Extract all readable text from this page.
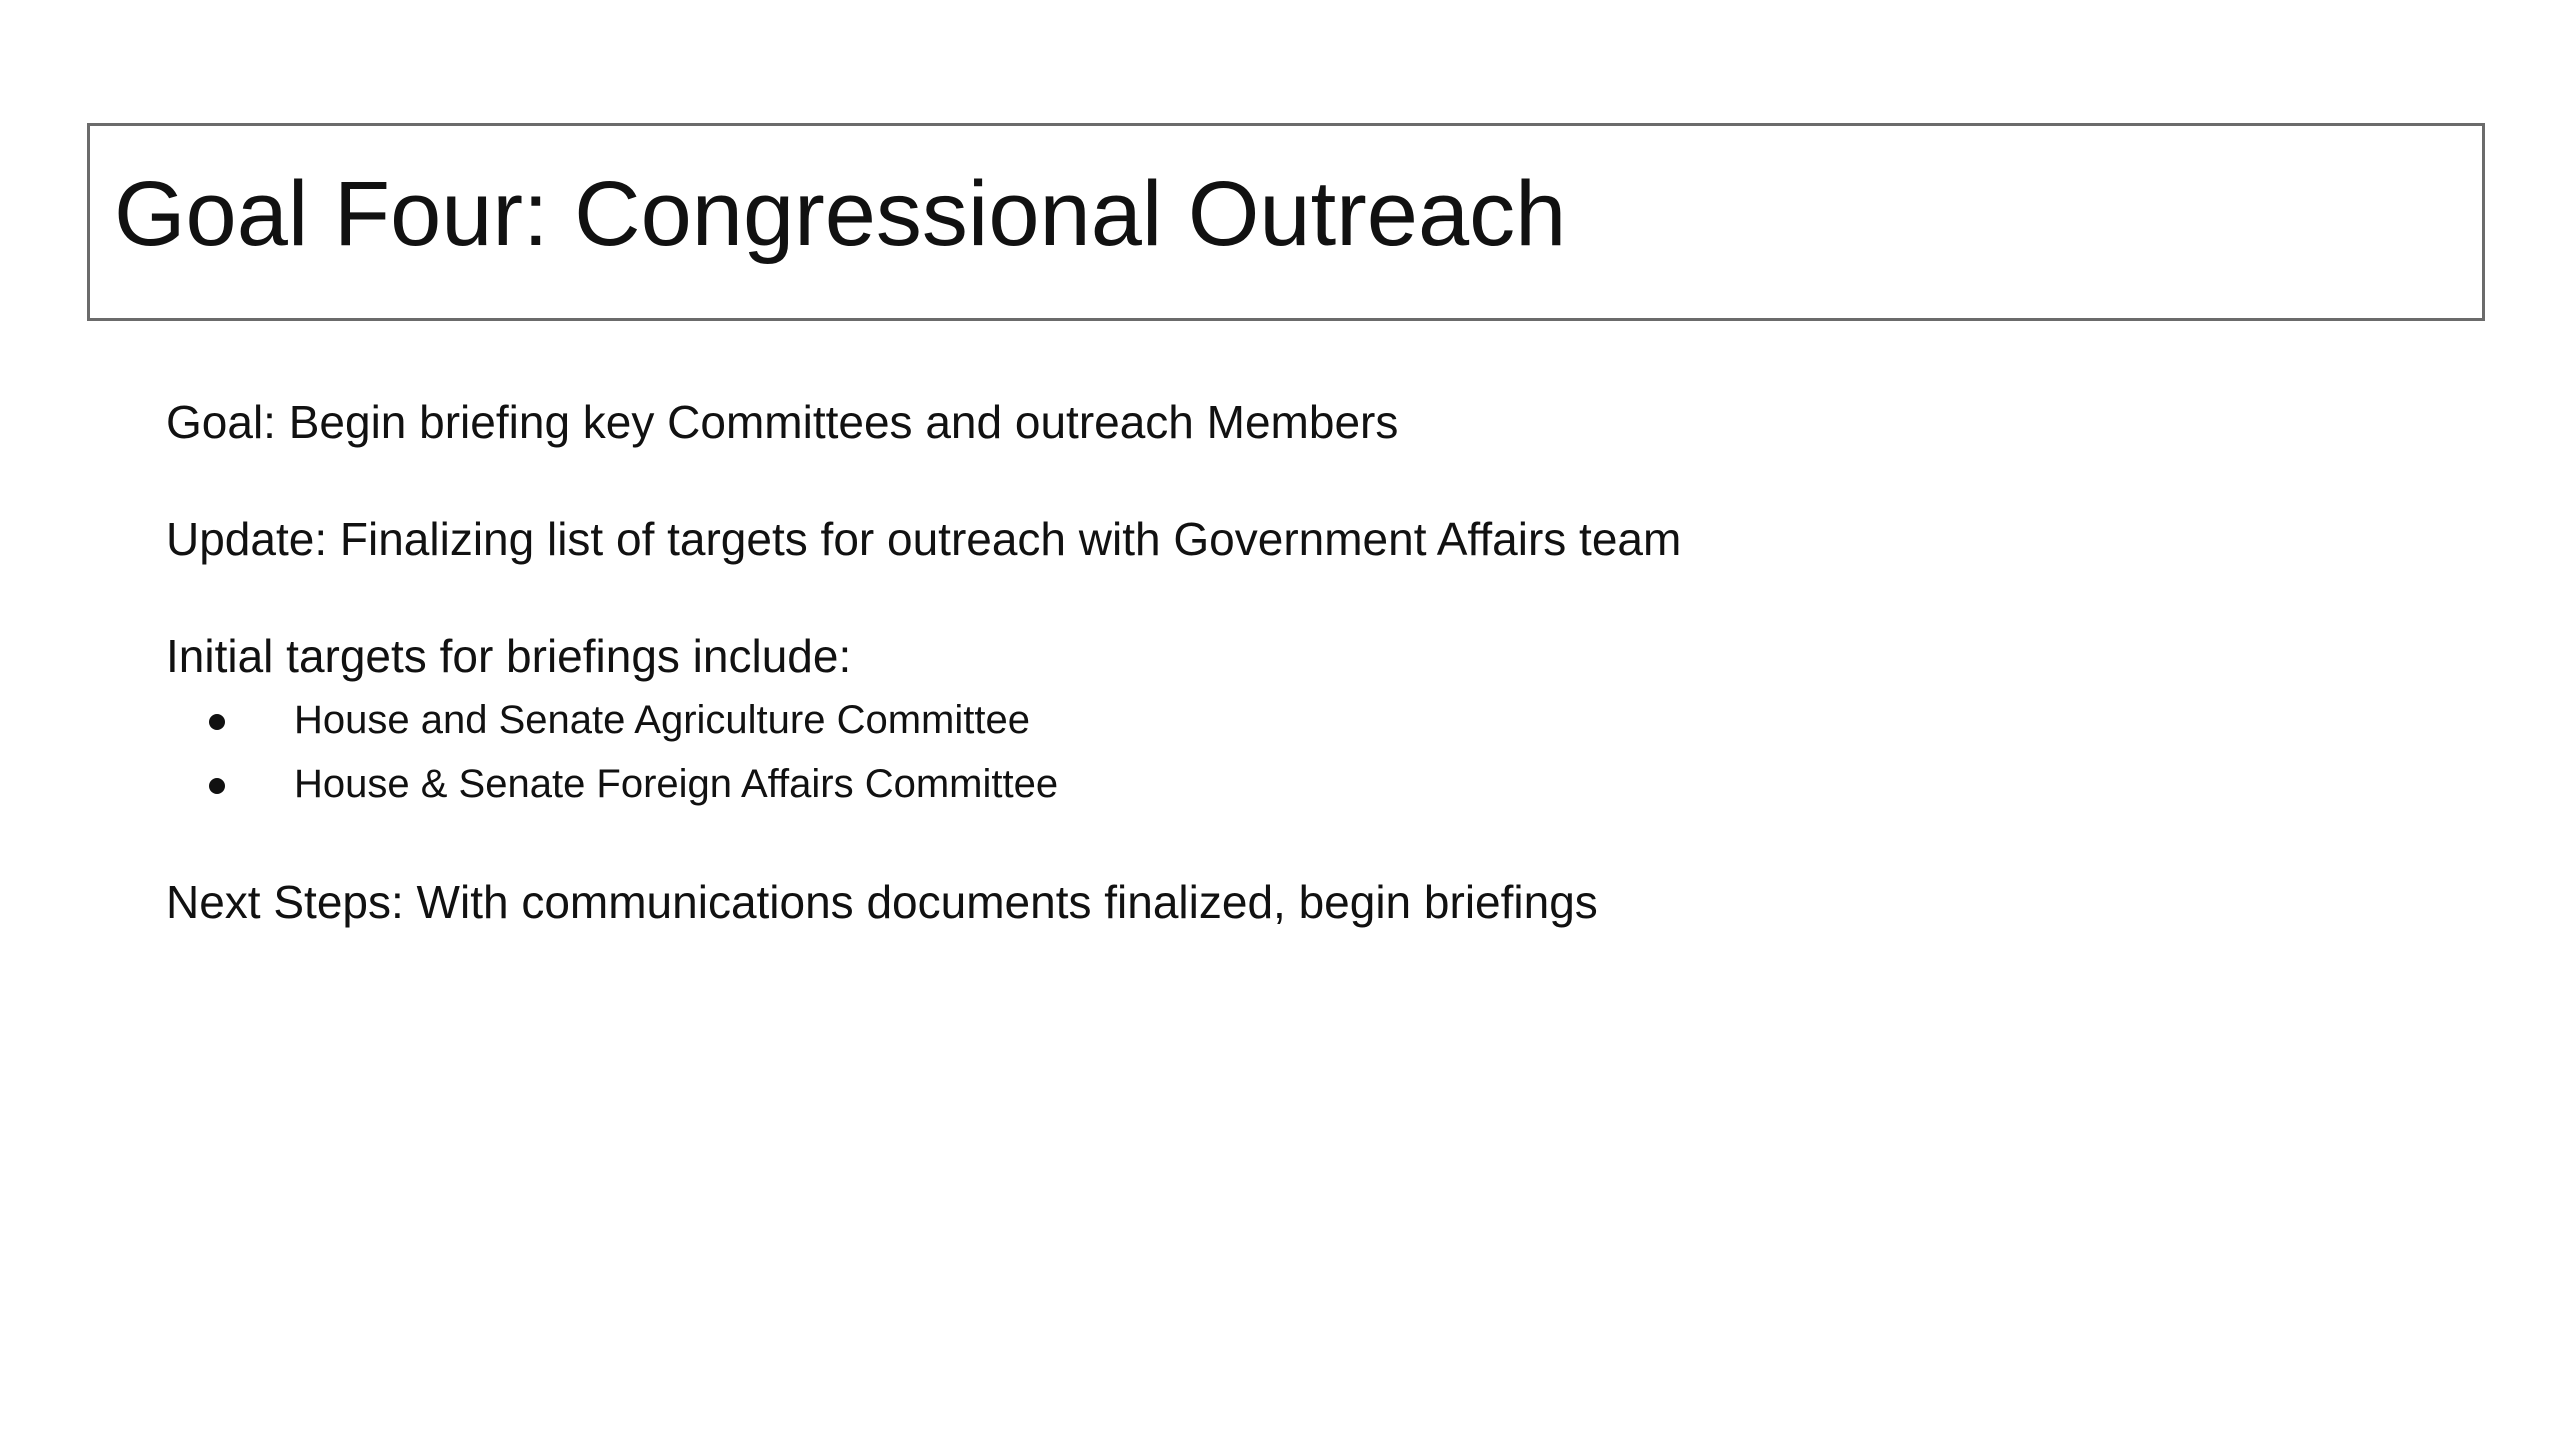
Goal Four: Congressional Outreach
Goal: Begin briefing key Committees and outreach Members
Update: Finalizing list of targets for outreach with Government Affairs team
Initial targets for briefings include:
House and Senate Agriculture Committee
House & Senate Foreign Affairs Committee
Next Steps: With communications documents finalized, begin briefings
